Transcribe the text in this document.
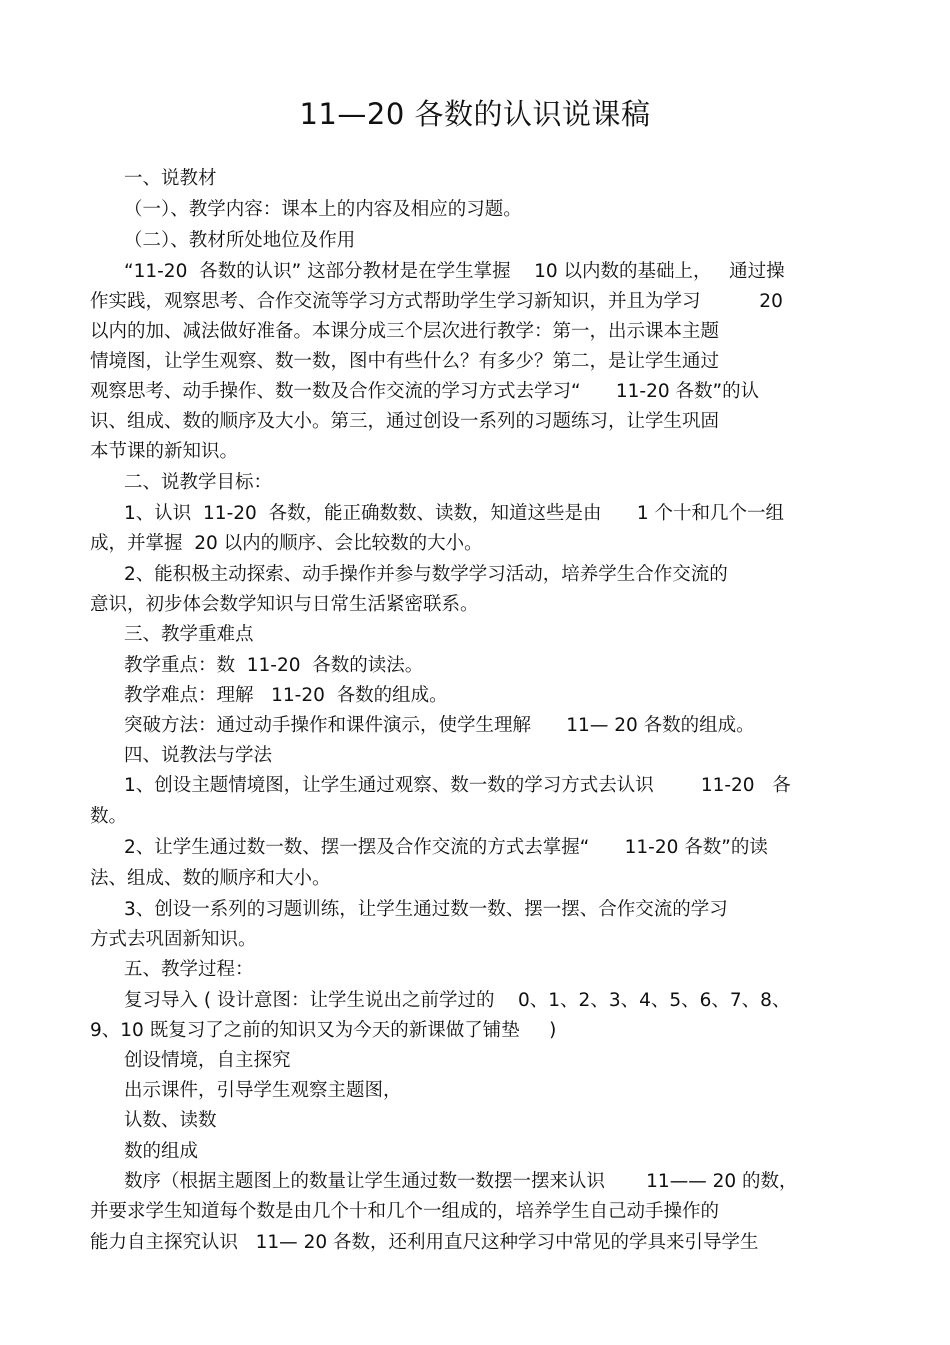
11—20 各数的认识说课稿
一、说教材
（一）、教学内容：课本上的内容及相应的习题。
（二）、教材所处地位及作用
“11-20  各数的认识” 这部分教材是在学生掌握    10 以内数的基础上，   通过操
作实践，观察思考、合作交流等学习方式帮助学生学习新知识，并且为学习          20
以内的加、减法做好准备。本课分成三个层次进行教学：第一，出示课本主题
情境图，让学生观察、数一数，图中有些什么？有多少？第二，是让学生通过
观察思考、动手操作、数一数及合作交流的学习方式去学习“      11-20 各数”的认
识、组成、数的顺序及大小。第三，通过创设一系列的习题练习，让学生巩固
本节课的新知识。
二、说教学目标：
1、认识  11-20  各数，能正确数数、读数，知道这些是由      1 个十和几个一组
成，并掌握  20 以内的顺序、会比较数的大小。
2、能积极主动探索、动手操作并参与数学学习活动，培养学生合作交流的
意识，初步体会数学知识与日常生活紧密联系。
三、教学重难点
教学重点：数  11-20  各数的读法。
教学难点：理解   11-20  各数的组成。
突破方法：通过动手操作和课件演示，使学生理解      11— 20 各数的组成。
四、说教法与学法
1、创设主题情境图，让学生通过观察、数一数的学习方式去认识        11-20   各
数。
2、让学生通过数一数、摆一摆及合作交流的方式去掌握“      11-20 各数”的读
法、组成、数的顺序和大小。
3、创设一系列的习题训练，让学生通过数一数、摆一摆、合作交流的学习
方式去巩固新知识。
五、教学过程：
复习导入 ( 设计意图：让学生说出之前学过的    0、1、2、3、4、5、6、7、8、
9、10 既复习了之前的知识又为今天的新课做了铺垫     )
创设情境，自主探究
出示课件，引导学生观察主题图，
认数、读数
数的组成
数序（根据主题图上的数量让学生通过数一数摆一摆来认识       11—— 20 的数，
并要求学生知道每个数是由几个十和几个一组成的，培养学生自己动手操作的
能力自主探究认识   11— 20 各数，还利用直尺这种学习中常见的学具来引导学生
